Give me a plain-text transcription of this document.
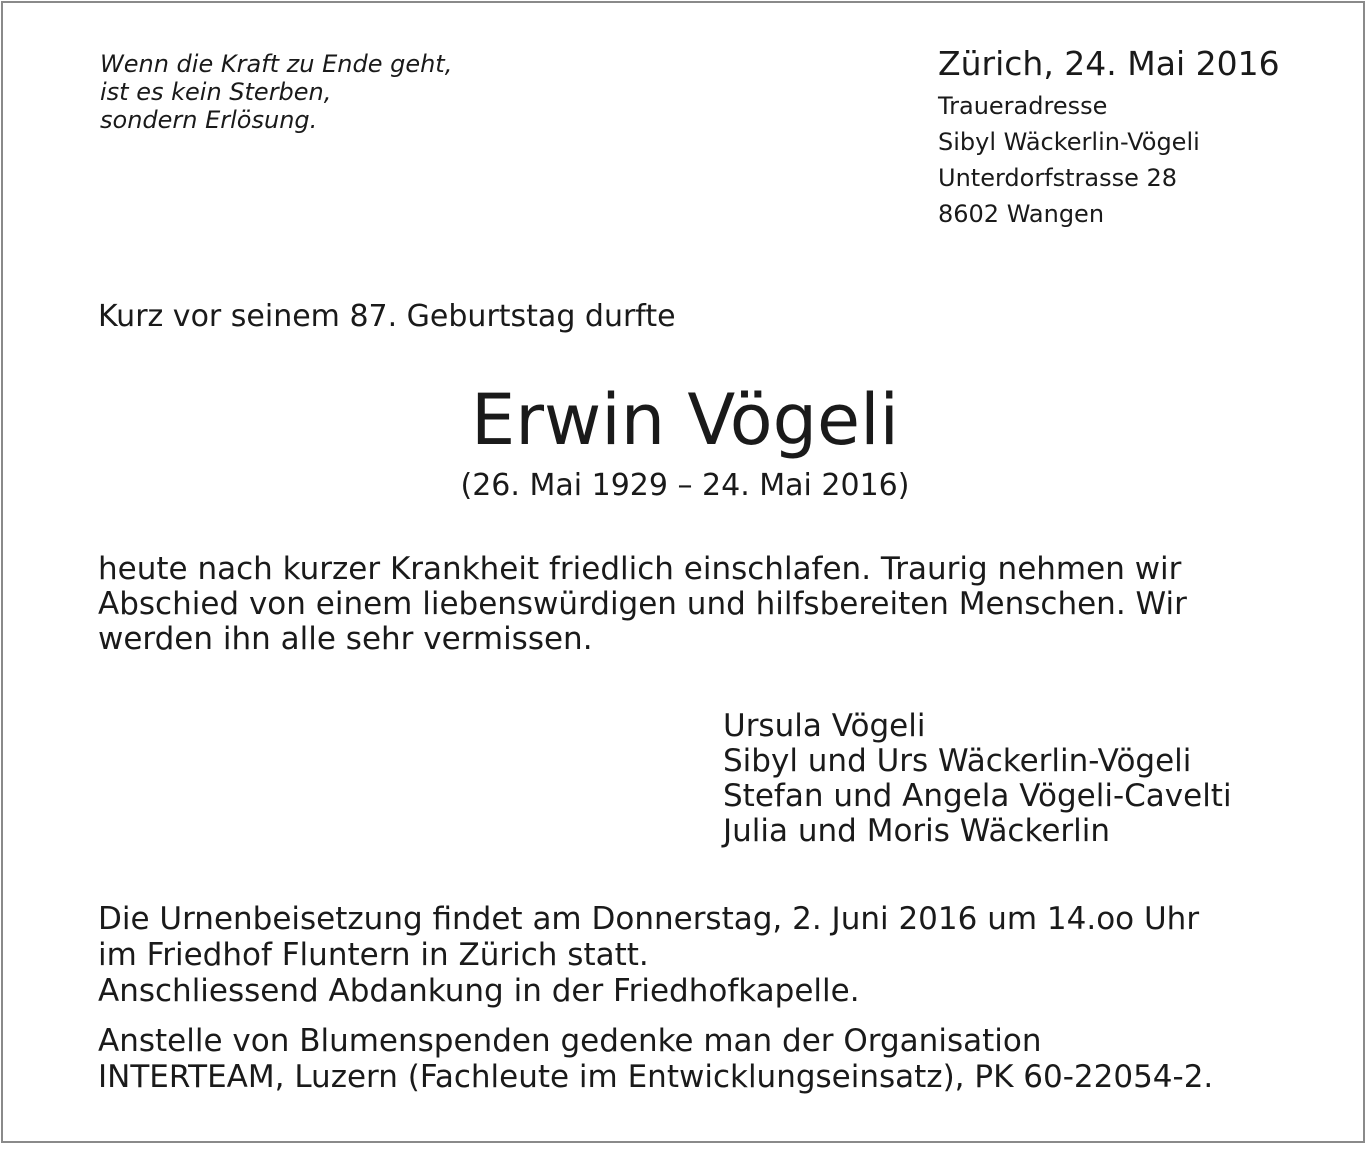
Wenn die Kraft zu Ende geht,
ist es kein Sterben,
sondern Erlösung.
Zürich, 24. Mai 2016
Traueradresse
Sibyl Wäckerlin-Vögeli
Unterdorfstrasse 28
8602 Wangen
Kurz vor seinem 87. Geburtstag durfte
Erwin Vögeli
(26. Mai 1929 – 24. Mai 2016)
heute nach kurzer Krankheit friedlich einschlafen. Traurig nehmen wir
Abschied von einem liebenswürdigen und hilfsbereiten Menschen. Wir
werden ihn alle sehr vermissen.
Ursula Vögeli
Sibyl und Urs Wäckerlin-Vögeli
Stefan und Angela Vögeli-Cavelti
Julia und Moris Wäckerlin
Die Urnenbeisetzung findet am Donnerstag, 2. Juni 2016 um 14.oo Uhr
im Friedhof Fluntern in Zürich statt.
Anschliessend Abdankung in der Friedhofkapelle.
Anstelle von Blumenspenden gedenke man der Organisation
INTERTEAM, Luzern (Fachleute im Entwicklungseinsatz), PK 60-22054-2.
